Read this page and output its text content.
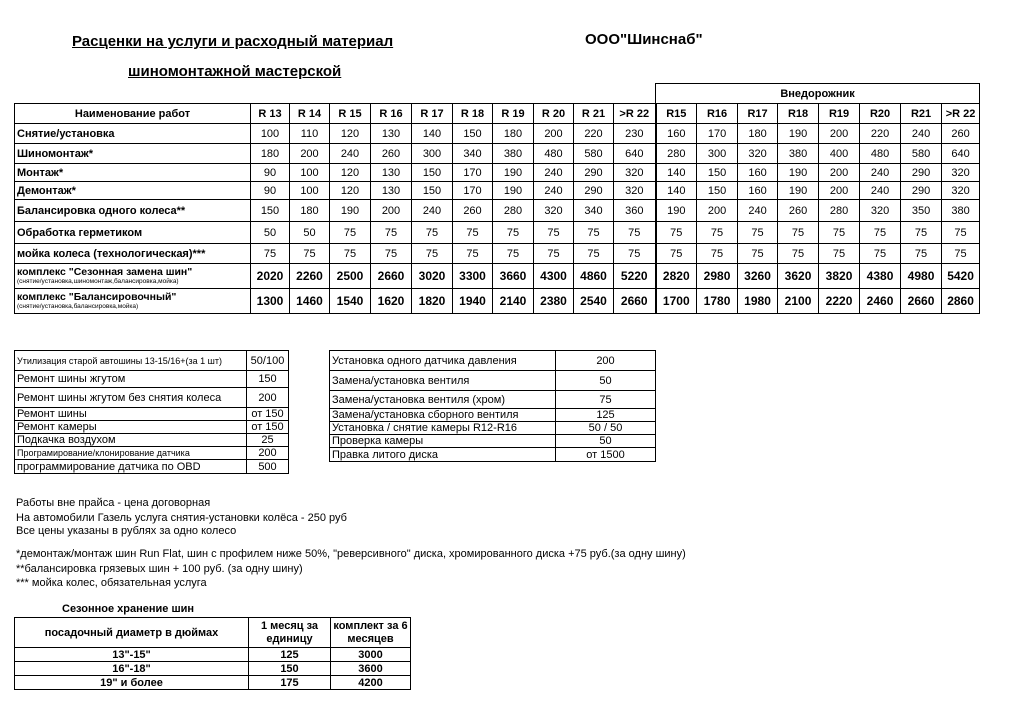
Расценки на услуги и расходный материал
шиномонтажной мастерской
ООО"Шинснаб"
											Внедорожник							
Наименование работ	R 13	R 14	R 15	R 16	R 17	R 18	R 19	R 20	R 21	>R 22	R15	R16	R17	R18	R19	R20	R21	>R 22
Снятие/установка	100	110	120	130	140	150	180	200	220	230	160	170	180	190	200	220	240	260
Шиномонтаж*	180	200	240	260	300	340	380	480	580	640	280	300	320	380	400	480	580	640
Монтаж*	90	100	120	130	150	170	190	240	290	320	140	150	160	190	200	240	290	320
Демонтаж*	90	100	120	130	150	170	190	240	290	320	140	150	160	190	200	240	290	320
Балансировка одного колеса**	150	180	190	200	240	260	280	320	340	360	190	200	240	260	280	320	350	380
Обработка герметиком	50	50	75	75	75	75	75	75	75	75	75	75	75	75	75	75	75	75
мойка колеса (технологическая)***	75	75	75	75	75	75	75	75	75	75	75	75	75	75	75	75	75	75

комплекс "Сезонная замена шин"
(снятие/установка,шиномонтаж,балансировка,мойка)	2020	2260	2500	2660	3020	3300	3660	4300	4860	5220	2820	2980	3260	3620	3820	4380	4980	5420

комплекс "Балансировочный"
(снятие/установка,балансировка,мойка)	1300	1460	1540	1620	1820	1940	2140	2380	2540	2660	1700	1780	1980	2100	2220	2460	2660	2860
Утилизация старой автошины 13-15/16+(за 1 шт)	50/100
Ремонт шины жгутом	150
Ремонт шины жгутом без снятия колеса	200
Ремонт шины	от 150
Ремонт камеры	от 150
Подкачка воздухом	25
Програмирование/клонирование датчика	200
программирование датчика по OBD	500
Установка одного датчика давления	200
Замена/установка вентиля	50
Замена/установка вентиля (хром)	75
Замена/установка сборного вентиля	125
Установка / снятие камеры R12-R16	50 / 50
Проверка камеры	50
Правка литого диска	от 1500
Работы вне прайса - цена договорная
На автомобили Газель услуга снятия-установки колёса - 250 руб
Все цены указаны в рублях за одно колесо
*демонтаж/монтаж шин Run Flat, шин с профилем ниже 50%, "реверсивного" диска, хромированного диска +75 руб.(за одну шину)
**балансировка грязевых шин + 100 руб. (за одну шину)
*** мойка колес, обязательная услуга
Сезонное хранение шин
посадочный диаметр в дюймах	1 месяц за единицу	комплект за 6 месяцев
13"-15"	125	3000
16"-18"	150	3600
19" и более	175	4200
